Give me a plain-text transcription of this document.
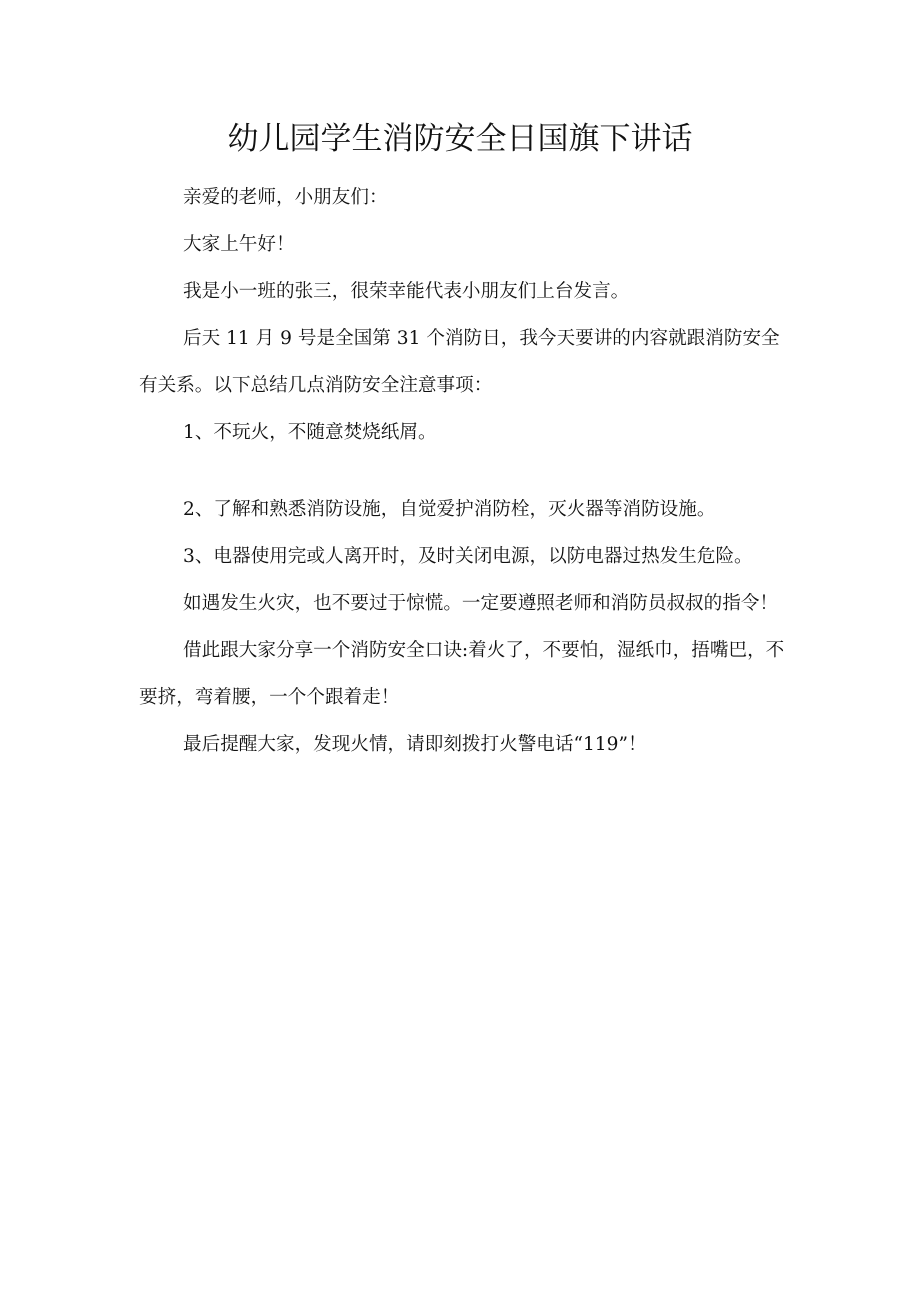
幼儿园学生消防安全日国旗下讲话

亲爱的老师，小朋友们：

大家上午好！

我是小一班的张三，很荣幸能代表小朋友们上台发言。

后天 11 月 9 号是全国第 31 个消防日，我今天要讲的内容就跟消防安全有关系。以下总结几点消防安全注意事项：

1、不玩火，不随意焚烧纸屑。

2、了解和熟悉消防设施，自觉爱护消防栓，灭火器等消防设施。

3、电器使用完或人离开时，及时关闭电源，以防电器过热发生危险。

如遇发生火灾，也不要过于惊慌。一定要遵照老师和消防员叔叔的指令！

借此跟大家分享一个消防安全口诀:着火了，不要怕，湿纸巾，捂嘴巴，不要挤，弯着腰，一个个跟着走！

最后提醒大家，发现火情，请即刻拨打火警电话“119”！
